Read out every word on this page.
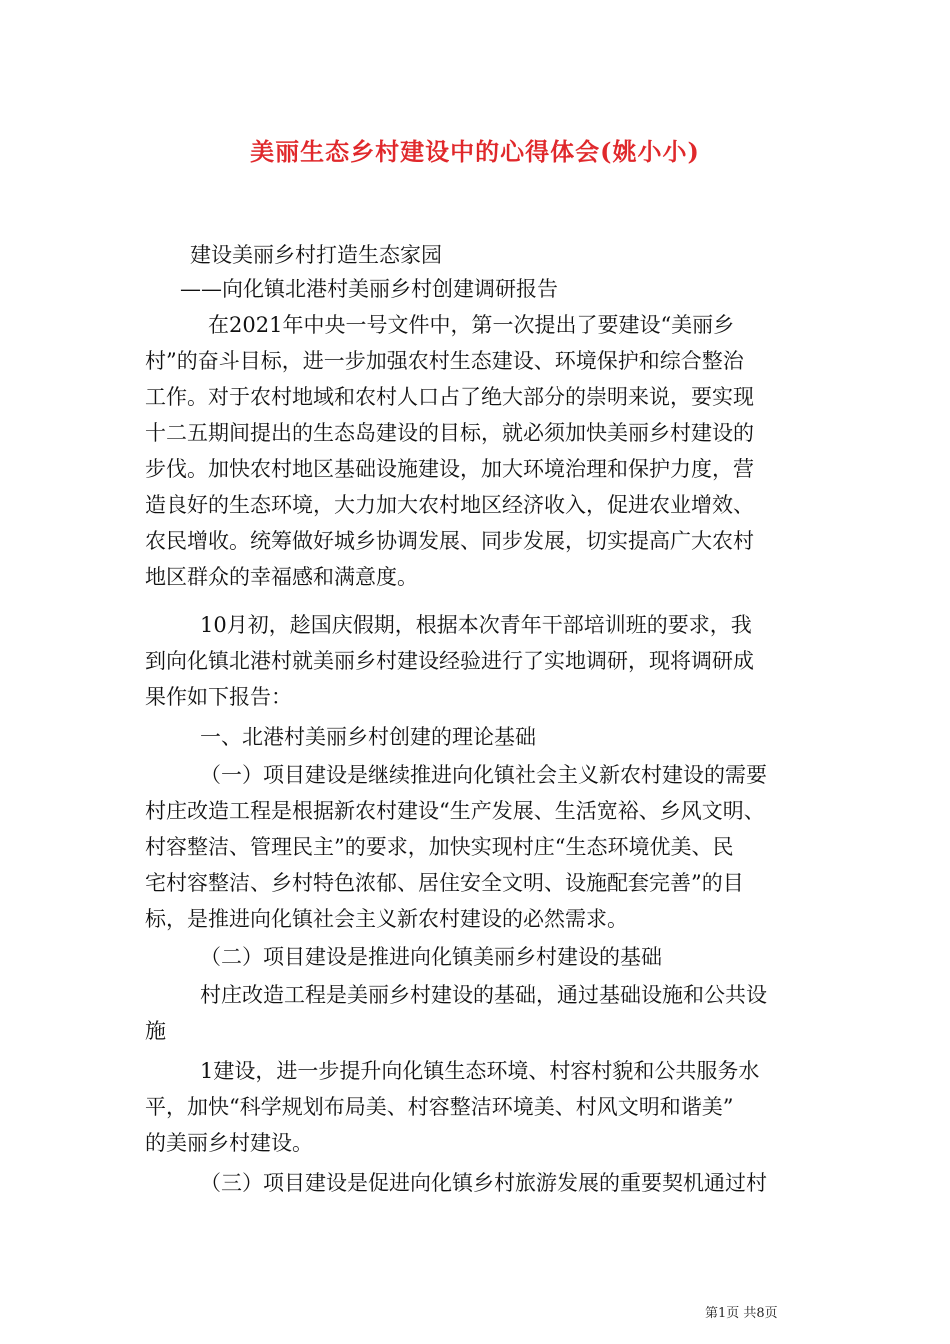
美丽生态乡村建设中的心得体会(姚小小)
建设美丽乡村打造生态家园
——向化镇北港村美丽乡村创建调研报告
在2021年中央一号文件中，第一次提出了要建设“美丽乡
村”的奋斗目标，进一步加强农村生态建设、环境保护和综合整治
工作。对于农村地域和农村人口占了绝大部分的崇明来说，要实现
十二五期间提出的生态岛建设的目标，就必须加快美丽乡村建设的
步伐。加快农村地区基础设施建设，加大环境治理和保护力度，营
造良好的生态环境，大力加大农村地区经济收入，促进农业增效、
农民增收。统筹做好城乡协调发展、同步发展，切实提高广大农村
地区群众的幸福感和满意度。
10月初，趁国庆假期，根据本次青年干部培训班的要求，我
到向化镇北港村就美丽乡村建设经验进行了实地调研，现将调研成
果作如下报告：
一、北港村美丽乡村创建的理论基础
（一）项目建设是继续推进向化镇社会主义新农村建设的需要
村庄改造工程是根据新农村建设“生产发展、生活宽裕、乡风文明、
村容整洁、管理民主”的要求，加快实现村庄“生态环境优美、民
宅村容整洁、乡村特色浓郁、居住安全文明、设施配套完善”的目
标，是推进向化镇社会主义新农村建设的必然需求。
（二）项目建设是推进向化镇美丽乡村建设的基础
村庄改造工程是美丽乡村建设的基础，通过基础设施和公共设
施
1建设，进一步提升向化镇生态环境、村容村貌和公共服务水
平，加快“科学规划布局美、村容整洁环境美、村风文明和谐美”
的美丽乡村建设。
（三）项目建设是促进向化镇乡村旅游发展的重要契机通过村
第1页 共8页
